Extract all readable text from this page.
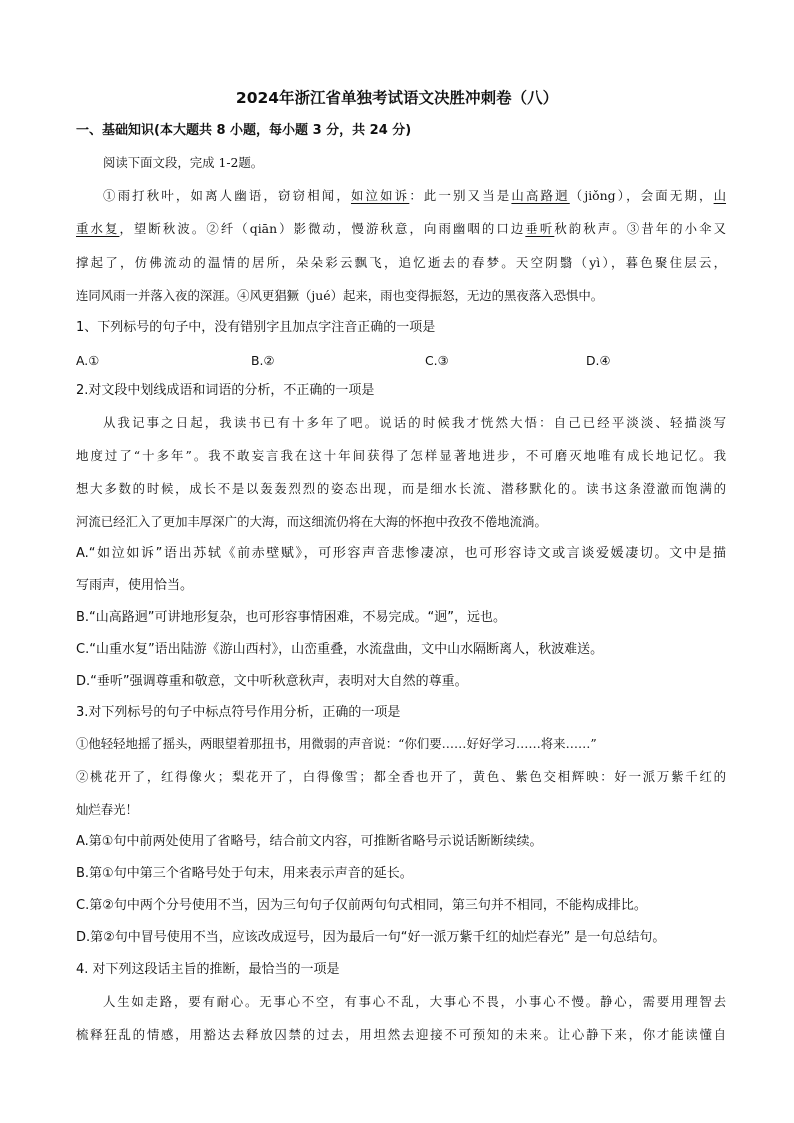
2024年浙江省单独考试语文决胜冲刺卷（八）
一、基础知识(本大题共 8 小题，每小题 3 分，共 24 分)
阅读下面文段，完成 1-2题。
①雨打秋叶，如离人幽语，窃窃相闻，如泣如诉：此一别又当是山高路迥（jiǒng），会面无期，山
重水复，望断秋波。②纤（qiān）影微动，慢游秋意，向雨幽咽的口边垂听秋韵秋声。③昔年的小伞又
撑起了，仿佛流动的温情的居所，朵朵彩云飘飞，追忆逝去的春梦。天空阴翳（yì），暮色聚住层云，
连同风雨一并落入夜的深涯。④风更猖獗（jué）起来，雨也变得振怒，无边的黑夜落入恐惧中。
1、下列标号的句子中，没有错别字且加点字注音正确的一项是
A.①	B.②	C.③	D.④
2.对文段中划线成语和词语的分析，不正确的一项是
从我记事之日起，我读书已有十多年了吧。说话的时候我才恍然大悟：自己已经平淡淡、轻描淡写
地度过了“十多年”。我不敢妄言我在这十年间获得了怎样显著地进步，不可磨灭地唯有成长地记忆。我
想大多数的时候，成长不是以轰轰烈烈的姿态出现，而是细水长流、潜移默化的。读书这条澄澈而饱满的
河流已经汇入了更加丰厚深广的大海，而这细流仍将在大海的怀抱中孜孜不倦地流淌。
A.“如泣如诉”语出苏轼《前赤壁赋》，可形容声音悲惨凄凉，也可形容诗文或言谈爱媛凄切。文中是描
写雨声，使用恰当。
B.“山高路迥”可讲地形复杂，也可形容事情困难，不易完成。“迥”，远也。
C.“山重水复”语出陆游《游山西村》，山峦重叠，水流盘曲，文中山水隔断离人，秋波难送。
D.“垂听”强调尊重和敬意，文中听秋意秋声，表明对大自然的尊重。
3.对下列标号的句子中标点符号作用分析，正确的一项是
①他轻轻地摇了摇头，两眼望着那扭书，用微弱的声音说：“你们要……好好学习……将来……”
②桃花开了，红得像火；梨花开了，白得像雪；都全香也开了，黄色、紫色交相辉映：好一派万紫千红的
灿烂春光！
A.第①句中前两处使用了省略号，结合前文内容，可推断省略号示说话断断续续。
B.第①句中第三个省略号处于句末，用来表示声音的延长。
C.第②句中两个分号使用不当，因为三句句子仅前两句句式相同，第三句并不相同，不能构成排比。
D.第②句中冒号使用不当，应该改成逗号，因为最后一句“好一派万紫千红的灿烂春光” 是一句总结句。
4. 对下列这段话主旨的推断，最恰当的一项是
人生如走路，要有耐心。无事心不空，有事心不乱，大事心不畏，小事心不慢。静心，需要用理智去
梳释狂乱的情感，用豁达去释放囚禁的过去，用坦然去迎接不可预知的未来。让心静下来，你才能读懂自
